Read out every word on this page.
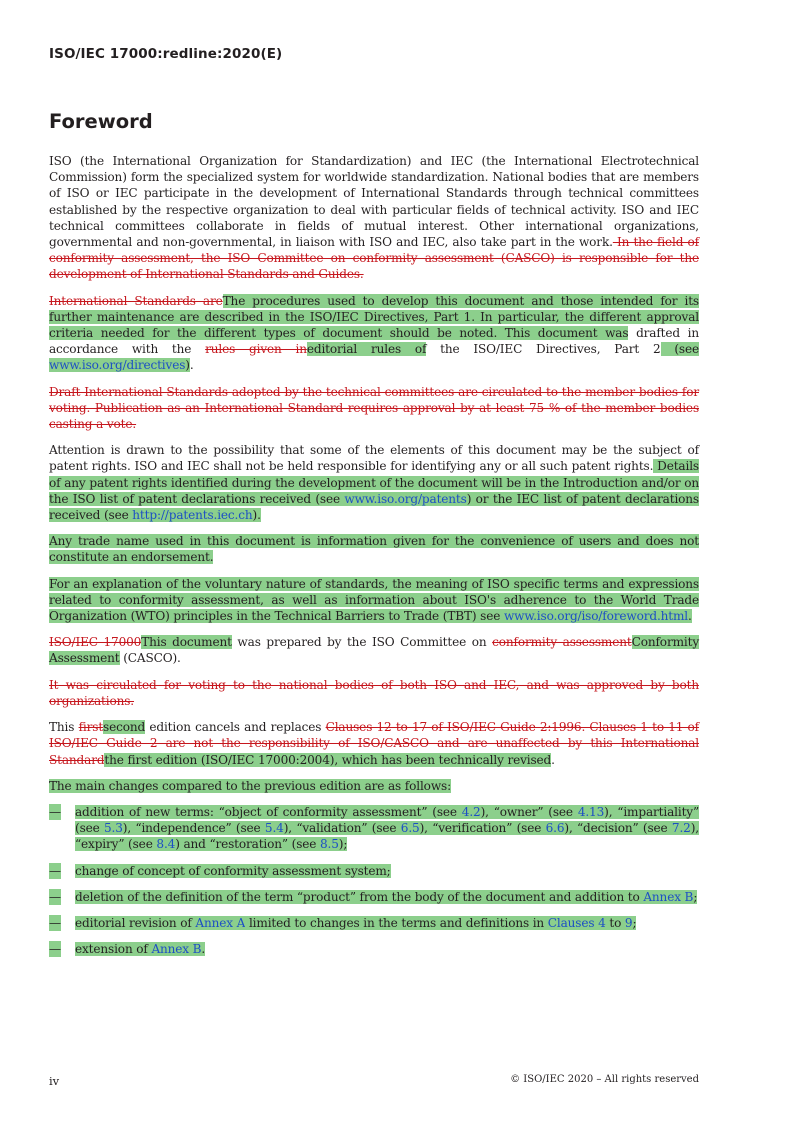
ISO/IEC 17000:redline:2020(E)
Foreword

ISO (the International Organization for Standardization) and IEC (the International Electrotechnical Commission) form the specialized system for worldwide standardization. National bodies that are members of ISO or IEC participate in the development of International Standards through technical committees established by the respective organization to deal with particular fields of technical activity. ISO and IEC technical committees collaborate in fields of mutual interest. Other international organizations, governmental and non-governmental, in liaison with ISO and IEC, also take part in the work. In the field of conformity assessment, the ISO Committee on conformity assessment (CASCO) is responsible for the development of International Standards and Guides.

International Standards areThe procedures used to develop this document and those intended for its further maintenance are described in the ISO/IEC Directives, Part 1. In particular, the different approval criteria needed for the different types of document should be noted. This document was drafted in accordance with the rules given ineditorial rules of the ISO/IEC Directives, Part 2 (see www.iso.org/directives).

Draft International Standards adopted by the technical committees are circulated to the member bodies for voting. Publication as an International Standard requires approval by at least 75 % of the member bodies casting a vote.

Attention is drawn to the possibility that some of the elements of this document may be the subject of patent rights. ISO and IEC shall not be held responsible for identifying any or all such patent rights. Details of any patent rights identified during the development of the document will be in the Introduction and/or on the ISO list of patent declarations received (see www.iso.org/patents) or the IEC list of patent declarations received (see http://patents.iec.ch).

Any trade name used in this document is information given for the convenience of users and does not constitute an endorsement.

For an explanation of the voluntary nature of standards, the meaning of ISO specific terms and expressions related to conformity assessment, as well as information about ISO's adherence to the World Trade Organization (WTO) principles in the Technical Barriers to Trade (TBT) see www.iso.org/iso/foreword.html.

ISO/IEC 17000This document was prepared by the ISO Committee on conformity assessmentConformity Assessment (CASCO).

It was circulated for voting to the national bodies of both ISO and IEC, and was approved by both organizations.

This firstsecond edition cancels and replaces Clauses 12 to 17 of ISO/IEC Guide 2:1996. Clauses 1 to 11 of ISO/IEC Guide 2 are not the responsibility of ISO/CASCO and are unaffected by this International Standardthe first edition (ISO/IEC 17000:2004), which has been technically revised.

The main changes compared to the previous edition are as follows:

— addition of new terms: “object of conformity assessment” (see 4.2), “owner” (see 4.13), “impartiality” (see 5.3), “independence” (see 5.4), “validation” (see 6.5), “verification” (see 6.6), “decision” (see 7.2), “expiry” (see 8.4) and “restoration” (see 8.5);
— change of concept of conformity assessment system;
— deletion of the definition of the term “product” from the body of the document and addition to Annex B;
— editorial revision of Annex A limited to changes in the terms and definitions in Clauses 4 to 9;
— extension of Annex B.
iv	© ISO/IEC 2020 – All rights reserved
